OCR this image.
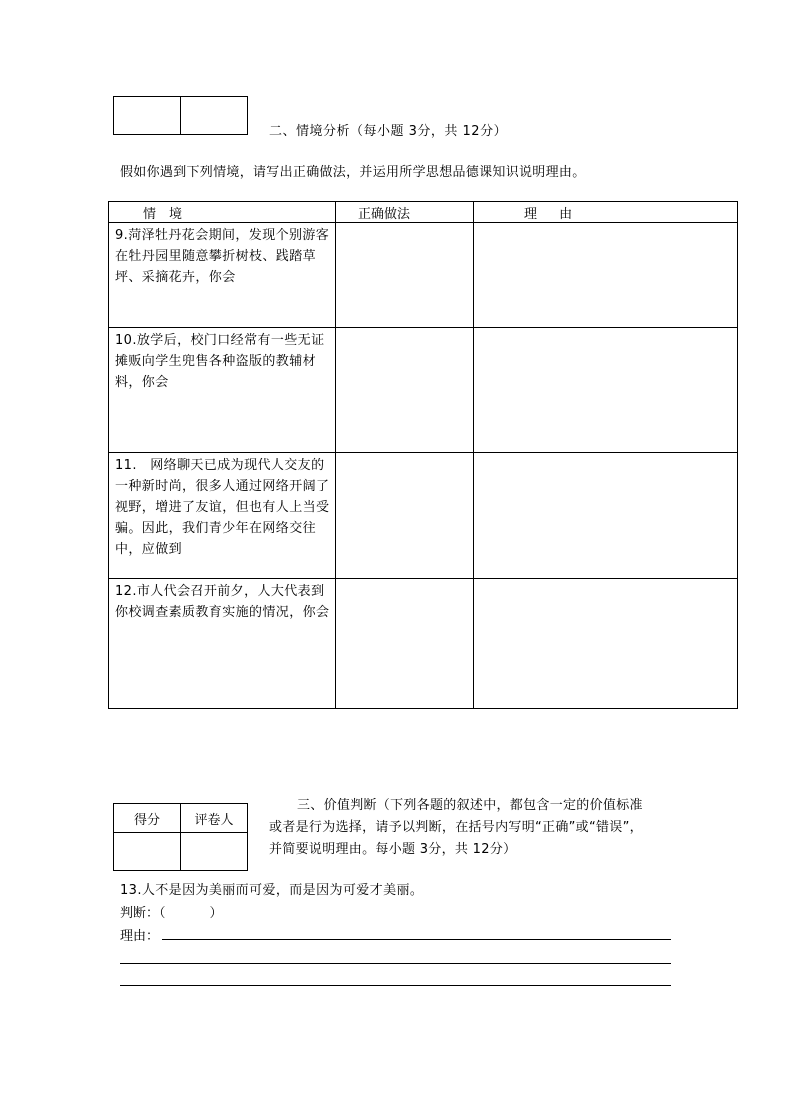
二、情境分析（每小题 3分，共 12分）
假如你遇到下列情境，请写出正确做法，并运用所学思想品德课知识说明理由。
情　境	正确做法	理 由

9.菏泽牡丹花会期间，发现个别游客在牡丹园里随意攀折树枝、践踏草坪、采摘花卉，你会		

10.放学后，校门口经常有一些无证摊贩向学生兜售各种盗版的教辅材料，你会		

11.　网络聊天已成为现代人交友的一种新时尚，很多人通过网络开阔了视野，增进了友谊，但也有人上当受骗。因此，我们青少年在网络交往中，应做到		

12.市人代会召开前夕，人大代表到你校调查素质教育实施的情况，你会		

得分	评卷人

三、价值判断（下列各题的叙述中，都包含一定的价值标准
或者是行为选择，请予以判断，在括号内写明“正确”或“错误”，
并简要说明理由。每小题 3分，共 12分）
13.人不是因为美丽而可爱，而是因为可爱才美丽。
判断：（	）
理由：
